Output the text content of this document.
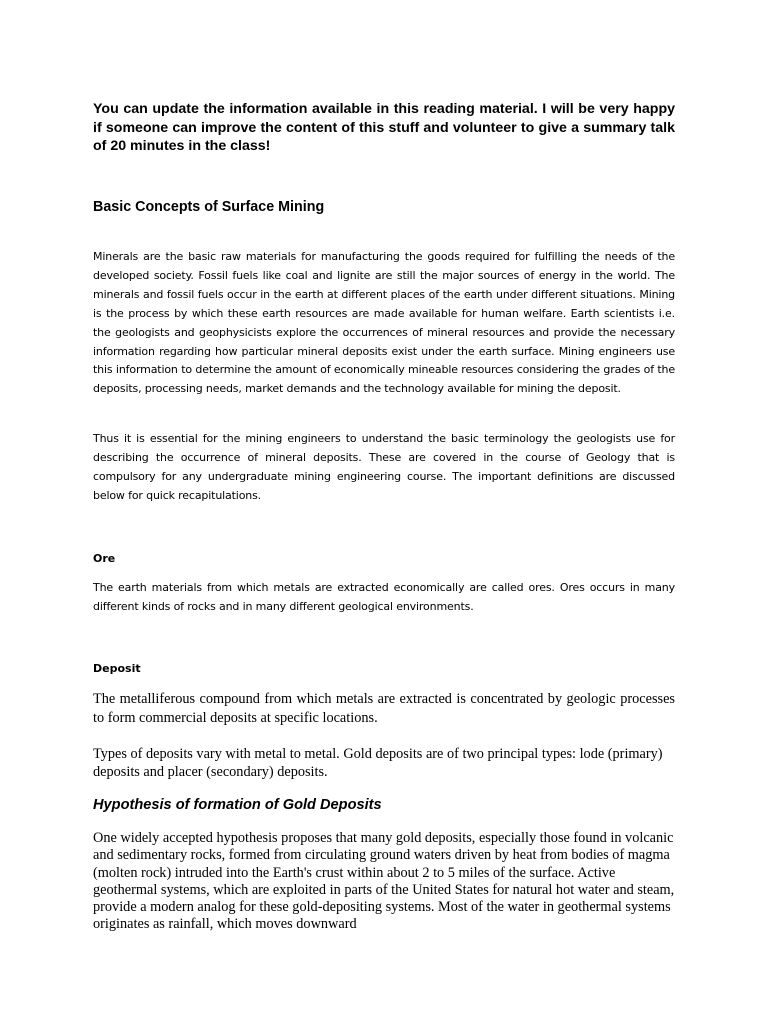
You can update the information available in this reading material. I will be very happy if someone can improve the content of this stuff and volunteer to give a summary talk of 20 minutes in the class!

Basic Concepts of Surface Mining

Minerals are the basic raw materials for manufacturing the goods required for fulfilling the needs of the developed society. Fossil fuels like coal and lignite are still the major sources of energy in the world. The minerals and fossil fuels occur in the earth at different places of the earth under different situations. Mining is the process by which these earth resources are made available for human welfare. Earth scientists i.e. the geologists and geophysicists explore the occurrences of mineral resources and provide the necessary information regarding how particular mineral deposits exist under the earth surface. Mining engineers use this information to determine the amount of economically mineable resources considering the grades of the deposits, processing needs, market demands and the technology available for mining the deposit.

Thus it is essential for the mining engineers to understand the basic terminology the geologists use for describing the occurrence of mineral deposits. These are covered in the course of Geology that is compulsory for any undergraduate mining engineering course. The important definitions are discussed below for quick recapitulations.

Ore

The earth materials from which metals are extracted economically are called ores. Ores occurs in many different kinds of rocks and in many different geological environments.

Deposit

The metalliferous compound from which metals are extracted is concentrated by geologic processes to form commercial deposits at specific locations.

Types of deposits vary with metal to metal. Gold deposits are of two principal types: lode (primary) deposits and placer (secondary) deposits.

Hypothesis of formation of Gold Deposits

One widely accepted hypothesis proposes that many gold deposits, especially those found in volcanic and sedimentary rocks, formed from circulating ground waters driven by heat from bodies of magma (molten rock) intruded into the Earth's crust within about 2 to 5 miles of the surface. Active geothermal systems, which are exploited in parts of the United States for natural hot water and steam, provide a modern analog for these gold-depositing systems. Most of the water in geothermal systems originates as rainfall, which moves downward
